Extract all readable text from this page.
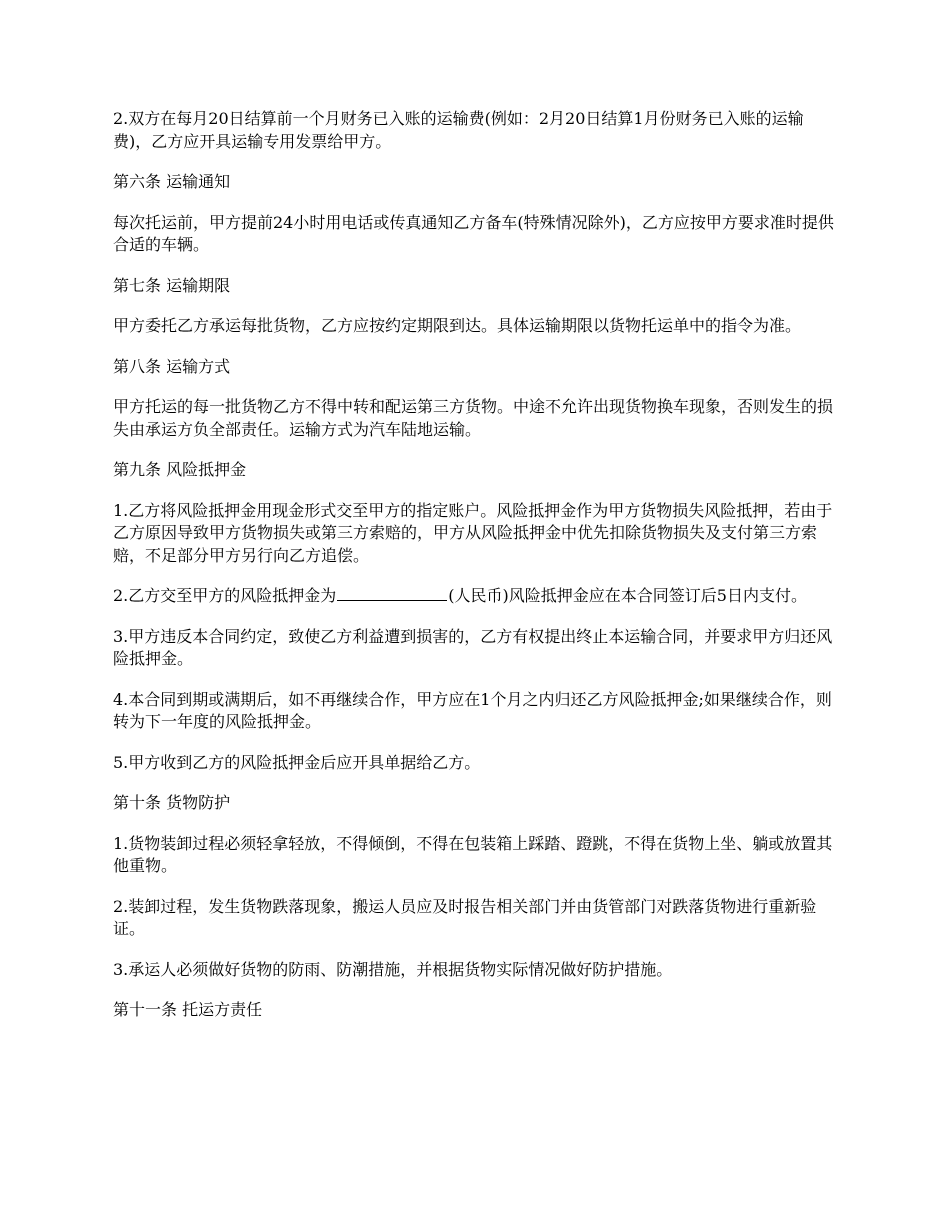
2.双方在每月20日结算前一个月财务已入账的运输费(例如：2月20日结算1月份财务已入账的运输费)，乙方应开具运输专用发票给甲方。

第六条 运输通知

每次托运前，甲方提前24小时用电话或传真通知乙方备车(特殊情况除外)，乙方应按甲方要求准时提供合适的车辆。

第七条 运输期限

甲方委托乙方承运每批货物，乙方应按约定期限到达。具体运输期限以货物托运单中的指令为准。

第八条 运输方式

甲方托运的每一批货物乙方不得中转和配运第三方货物。中途不允许出现货物换车现象，否则发生的损失由承运方负全部责任。运输方式为汽车陆地运输。

第九条 风险抵押金

1.乙方将风险抵押金用现金形式交至甲方的指定账户。风险抵押金作为甲方货物损失风险抵押，若由于乙方原因导致甲方货物损失或第三方索赔的，甲方从风险抵押金中优先扣除货物损失及支付第三方索赔，不足部分甲方另行向乙方追偿。

2.乙方交至甲方的风险抵押金为	(人民币)风险抵押金应在本合同签订后5日内支付。

3.甲方违反本合同约定，致使乙方利益遭到损害的，乙方有权提出终止本运输合同，并要求甲方归还风险抵押金。

4.本合同到期或满期后，如不再继续合作，甲方应在1个月之内归还乙方风险抵押金;如果继续合作，则转为下一年度的风险抵押金。

5.甲方收到乙方的风险抵押金后应开具单据给乙方。

第十条 货物防护

1.货物装卸过程必须轻拿轻放，不得倾倒，不得在包装箱上踩踏、蹬跳，不得在货物上坐、躺或放置其他重物。

2.装卸过程，发生货物跌落现象，搬运人员应及时报告相关部门并由货管部门对跌落货物进行重新验证。

3.承运人必须做好货物的防雨、防潮措施，并根据货物实际情况做好防护措施。

第十一条 托运方责任
